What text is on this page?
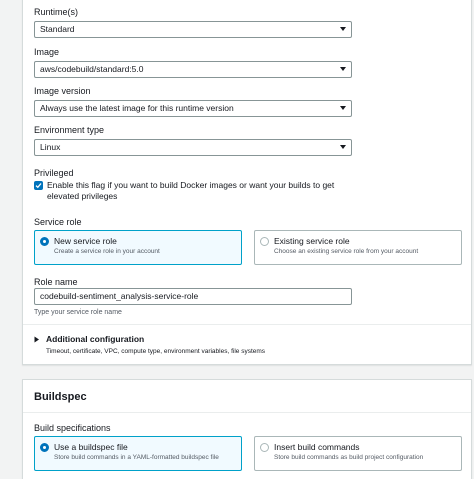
Runtime(s)
Standard
Image
aws/codebuild/standard:5.0
Image version
Always use the latest image for this runtime version
Environment type
Linux
Privileged
Enable this flag if you want to build Docker images or want your builds to get elevated privileges
Service role
New service role
Create a service role in your account
Existing service role
Choose an existing service role from your account
Role name
codebuild-sentiment_analysis-service-role
Type your service role name
Additional configuration
Timeout, certificate, VPC, compute type, environment variables, file systems
Buildspec
Build specifications
Use a buildspec file
Store build commands in a YAML-formatted buildspec file
Insert build commands
Store build commands as build project configuration
